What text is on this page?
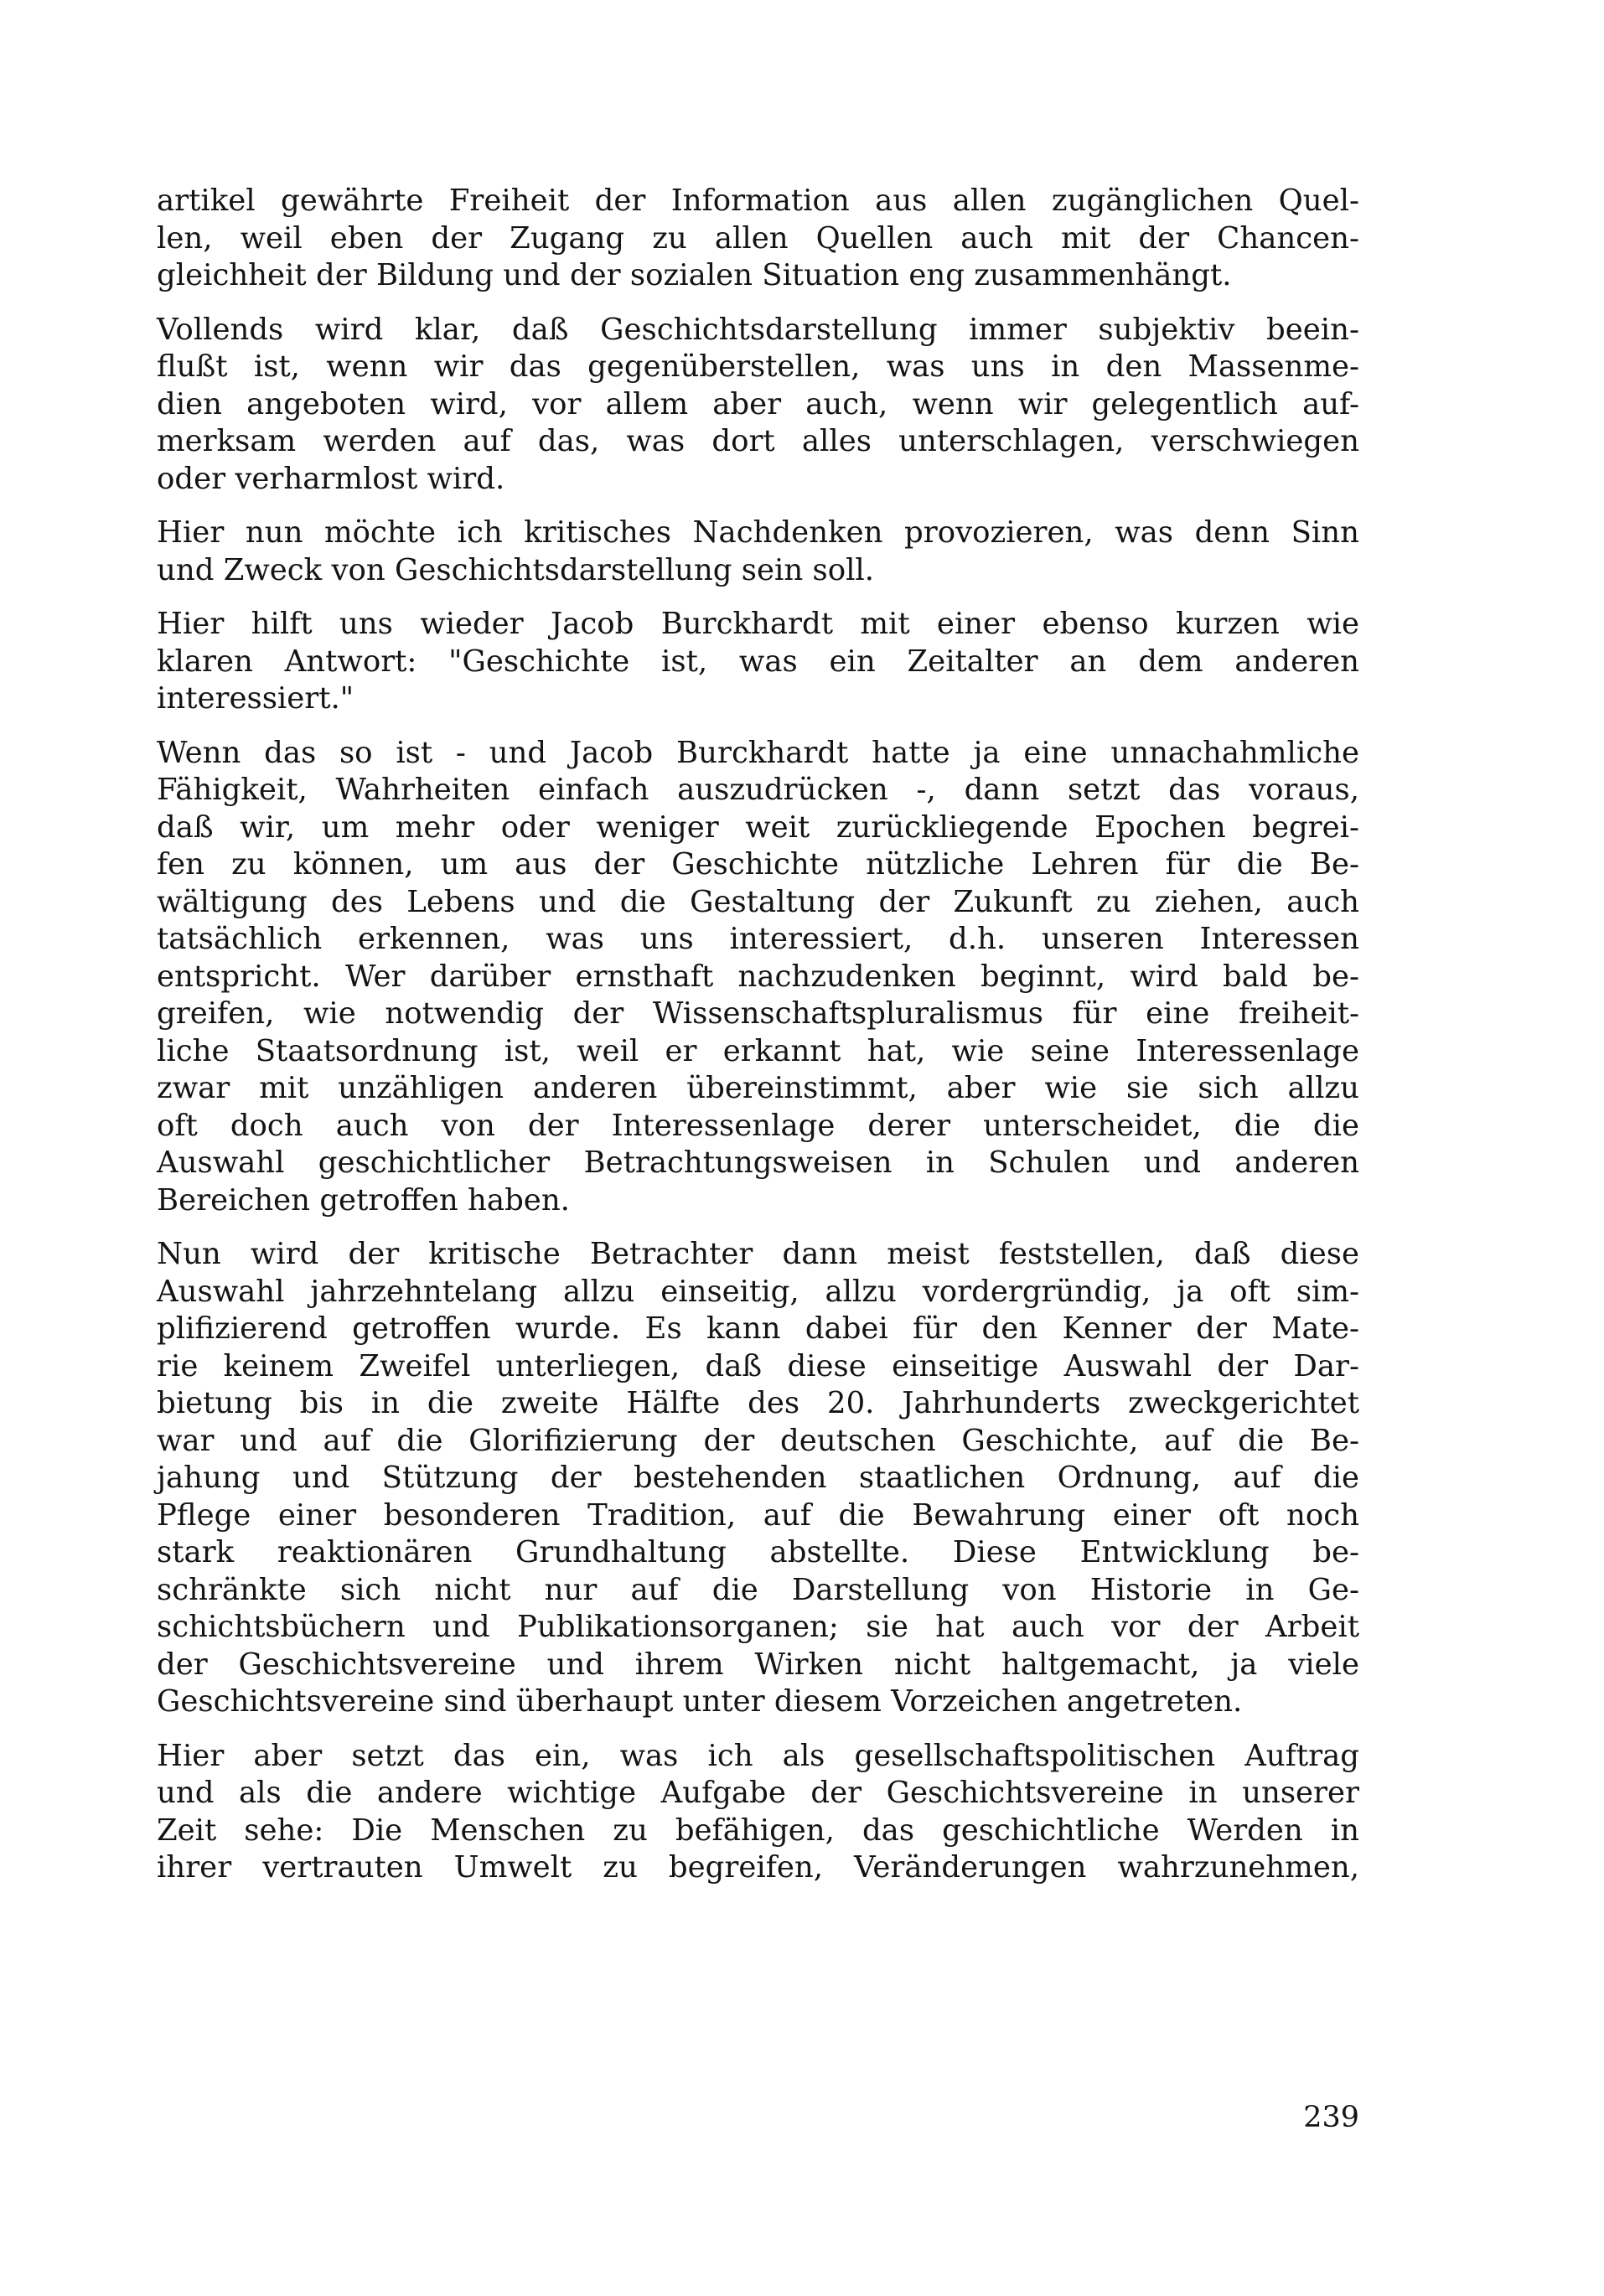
artikel gewährte Freiheit der Information aus allen zugänglichen Quel-
len, weil eben der Zugang zu allen Quellen auch mit der Chancen-
gleichheit der Bildung und der sozialen Situation eng zusammenhängt.
Vollends wird klar, daß Geschichtsdarstellung immer subjektiv beein-
flußt ist, wenn wir das gegenüberstellen, was uns in den Massenme-
dien angeboten wird, vor allem aber auch, wenn wir gelegentlich auf-
merksam werden auf das, was dort alles unterschlagen, verschwiegen
oder verharmlost wird.
Hier nun möchte ich kritisches Nachdenken provozieren, was denn Sinn
und Zweck von Geschichtsdarstellung sein soll.
Hier hilft uns wieder Jacob Burckhardt mit einer ebenso kurzen wie
klaren Antwort: "Geschichte ist, was ein Zeitalter an dem anderen
interessiert."
Wenn das so ist - und Jacob Burckhardt hatte ja eine unnachahmliche
Fähigkeit, Wahrheiten einfach auszudrücken -, dann setzt das voraus,
daß wir, um mehr oder weniger weit zurückliegende Epochen begrei-
fen zu können, um aus der Geschichte nützliche Lehren für die Be-
wältigung des Lebens und die Gestaltung der Zukunft zu ziehen, auch
tatsächlich erkennen, was uns interessiert, d.h. unseren Interessen
entspricht. Wer darüber ernsthaft nachzudenken beginnt, wird bald be-
greifen, wie notwendig der Wissenschaftspluralismus für eine freiheit-
liche Staatsordnung ist, weil er erkannt hat, wie seine Interessenlage
zwar mit unzähligen anderen übereinstimmt, aber wie sie sich allzu
oft doch auch von der Interessenlage derer unterscheidet, die die
Auswahl geschichtlicher Betrachtungsweisen in Schulen und anderen
Bereichen getroffen haben.
Nun wird der kritische Betrachter dann meist feststellen, daß diese
Auswahl jahrzehntelang allzu einseitig, allzu vordergründig, ja oft sim-
plifizierend getroffen wurde. Es kann dabei für den Kenner der Mate-
rie keinem Zweifel unterliegen, daß diese einseitige Auswahl der Dar-
bietung bis in die zweite Hälfte des 20. Jahrhunderts zweckgerichtet
war und auf die Glorifizierung der deutschen Geschichte, auf die Be-
jahung und Stützung der bestehenden staatlichen Ordnung, auf die
Pflege einer besonderen Tradition, auf die Bewahrung einer oft noch
stark reaktionären Grundhaltung abstellte. Diese Entwicklung be-
schränkte sich nicht nur auf die Darstellung von Historie in Ge-
schichtsbüchern und Publikationsorganen; sie hat auch vor der Arbeit
der Geschichtsvereine und ihrem Wirken nicht haltgemacht, ja viele
Geschichtsvereine sind überhaupt unter diesem Vorzeichen angetreten.
Hier aber setzt das ein, was ich als gesellschaftspolitischen Auftrag
und als die andere wichtige Aufgabe der Geschichtsvereine in unserer
Zeit sehe: Die Menschen zu befähigen, das geschichtliche Werden in
ihrer vertrauten Umwelt zu begreifen, Veränderungen wahrzunehmen,
239
